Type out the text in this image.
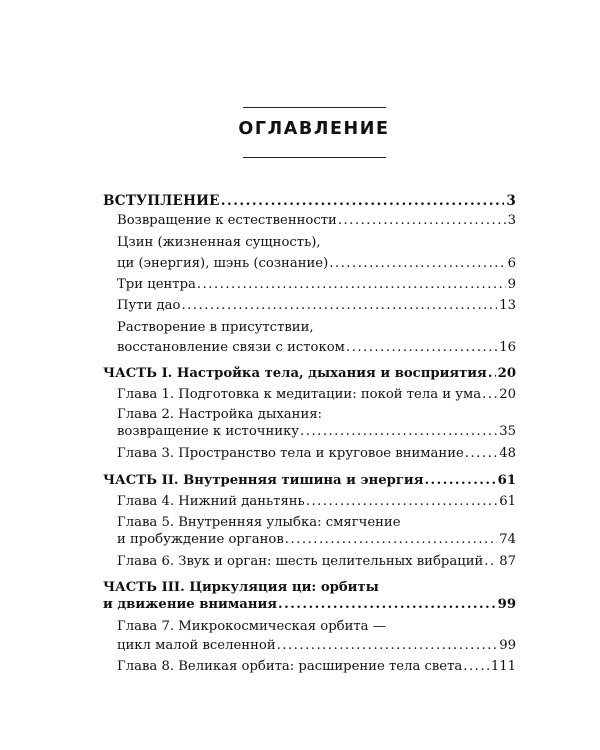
ОГЛАВЛЕНИЕ
ВСТУПЛЕНИЕ .....	3
Возвращение к естественности .....	3
Цзин (жизненная сущность),
ци (энергия), шэнь (сознание) .....	6
Три центра .....	9
Пути дао .....	13
Растворение в присутствии,
восстановление связи с истоком .....	16
ЧАСТЬ I. Настройка тела, дыхания и восприятия ..... 20
Глава 1. Подготовка к медитации: покой тела и ума ..... 20
Глава 2. Настройка дыхания:
возвращение к источнику .....	35
Глава 3. Пространство тела и круговое внимание .....	48
ЧАСТЬ II. Внутренняя тишина и энергия .....	61
Глава 4. Нижний даньтянь .....	61
Глава 5. Внутренняя улыбка: смягчение
и пробуждение органов .....	74
Глава 6. Звук и орган: шесть целительных вибраций ..... 87
ЧАСТЬ III. Циркуляция ци: орбиты
и движение внимания .....	99
Глава 7. Микрокосмическая орбита —
цикл малой вселенной .....	99
Глава 8. Великая орбита: расширение тела света ..... 111
